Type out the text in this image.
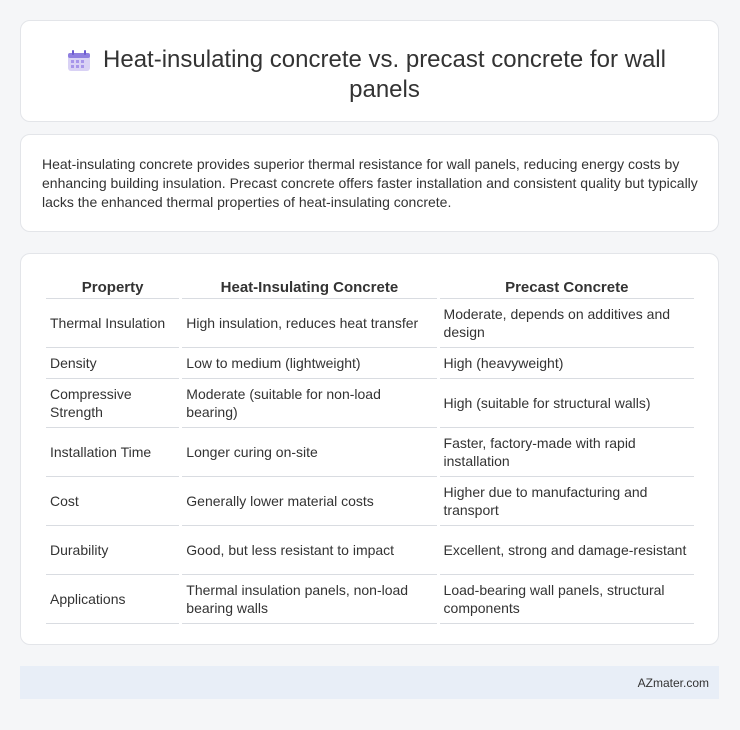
Heat-insulating concrete vs. precast concrete for wall panels

Heat-insulating concrete provides superior thermal resistance for wall panels, reducing energy costs by enhancing building insulation. Precast concrete offers faster installation and consistent quality but typically lacks the enhanced thermal properties of heat-insulating concrete.

Property	Heat-Insulating Concrete	Precast Concrete
Thermal Insulation	High insulation, reduces heat transfer	Moderate, depends on additives and design
Density	Low to medium (lightweight)	High (heavyweight)
Compressive Strength	Moderate (suitable for non-load bearing)	High (suitable for structural walls)
Installation Time	Longer curing on-site	Faster, factory-made with rapid installation
Cost	Generally lower material costs	Higher due to manufacturing and transport
Durability	Good, but less resistant to impact	Excellent, strong and damage-resistant
Applications	Thermal insulation panels, non-load bearing walls	Load-bearing wall panels, structural components
AZmater.com
